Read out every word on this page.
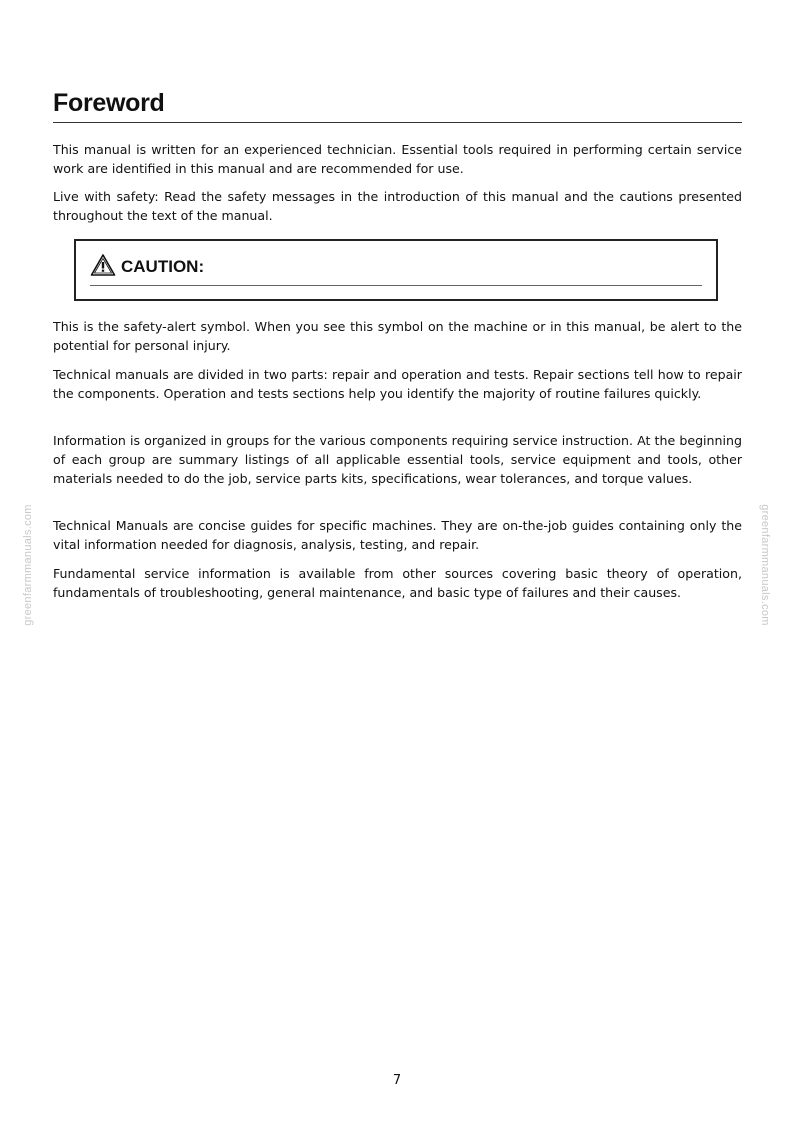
Foreword

This manual is written for an experienced technician. Essential tools required in performing certain service work are identified in this manual and are recommended for use.

Live with safety: Read the safety messages in the introduction of this manual and the cautions presented throughout the text of the manual.

CAUTION:

This is the safety-alert symbol. When you see this symbol on the machine or in this manual, be alert to the potential for personal injury.

Technical manuals are divided in two parts: repair and operation and tests. Repair sections tell how to repair the components. Operation and tests sections help you identify the majority of routine failures quickly.

Information is organized in groups for the various components requiring service instruction. At the beginning of each group are summary listings of all applicable essential tools, service equipment and tools, other materials needed to do the job, service parts kits, specifications, wear tolerances, and torque values.

Technical Manuals are concise guides for specific machines. They are on-the-job guides containing only the vital information needed for diagnosis, analysis, testing, and repair.

Fundamental service information is available from other sources covering basic theory of operation, fundamentals of troubleshooting, general maintenance, and basic type of failures and their causes.

greenfarmmanuals.com	greenfarmmanuals.com
7
